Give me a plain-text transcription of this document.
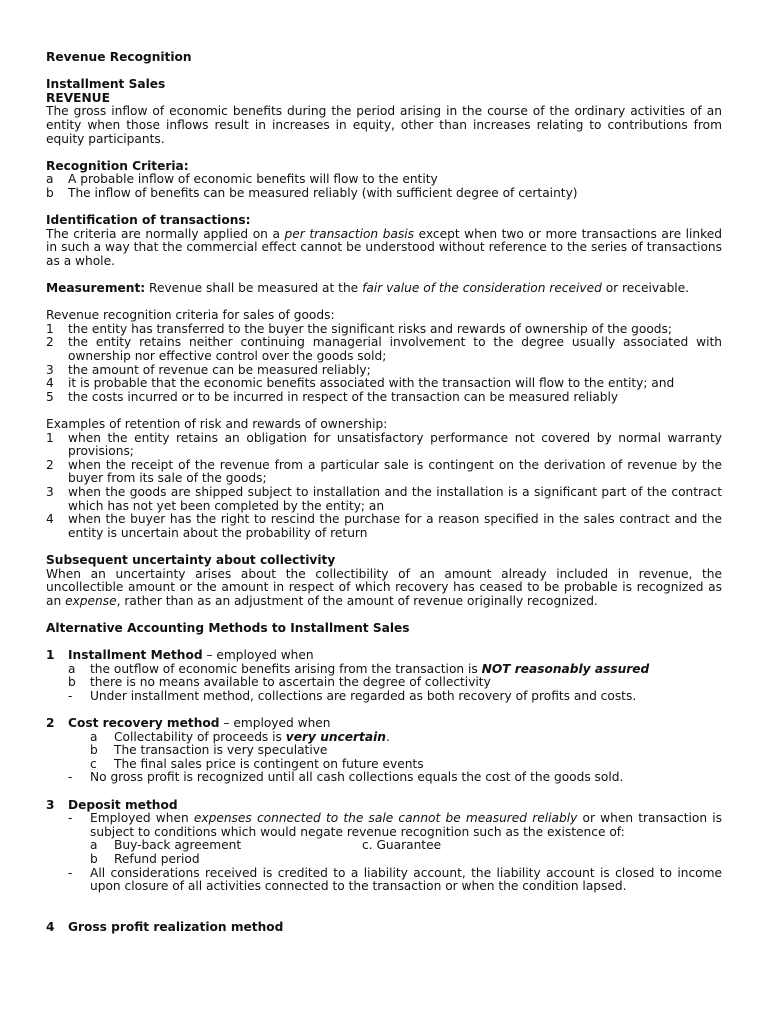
Revenue Recognition
Installment Sales
REVENUE
The gross inflow of economic benefits during the period arising in the course of the ordinary activities of an entity when those inflows result in increases in equity, other than increases relating to contributions from equity participants.
Recognition Criteria:
a	A probable inflow of economic benefits will flow to the entity
b	The inflow of benefits can be measured reliably (with sufficient degree of certainty)
Identification of transactions:
The criteria are normally applied on a per transaction basis except when two or more transactions are linked in such a way that the commercial effect cannot be understood without reference to the series of transactions as a whole.
Measurement: Revenue shall be measured at the fair value of the consideration received or receivable.
Revenue recognition criteria for sales of goods:
1	the entity has transferred to the buyer the significant risks and rewards of ownership of the goods;
2	the entity retains neither continuing managerial involvement to the degree usually associated with ownership nor effective control over the goods sold;
3	the amount of revenue can be measured reliably;
4	it is probable that the economic benefits associated with the transaction will flow to the entity; and
5	the costs incurred or to be incurred in respect of the transaction can be measured reliably
Examples of retention of risk and rewards of ownership:
1	when the entity retains an obligation for unsatisfactory performance not covered by normal warranty provisions;
2	when the receipt of the revenue from a particular sale is contingent on the derivation of revenue by the buyer from its sale of the goods;
3	when the goods are shipped subject to installation and the installation is a significant part of the contract which has not yet been completed by the entity; an
4	when the buyer has the right to rescind the purchase for a reason specified in the sales contract and the entity is uncertain about the probability of return
Subsequent uncertainty about collectivity
When an uncertainty arises about the collectibility of an amount already included in revenue, the uncollectible amount or the amount in respect of which recovery has ceased to be probable is recognized as an expense, rather than as an adjustment of the amount of revenue originally recognized.
Alternative Accounting Methods to Installment Sales
1	Installment Method – employed when
a	the outflow of economic benefits arising from the transaction is NOT reasonably assured
b	there is no means available to ascertain the degree of collectivity
-	Under installment method, collections are regarded as both recovery of profits and costs.
2	Cost recovery method – employed when
a	Collectability of proceeds is very uncertain.
b	The transaction is very speculative
c	The final sales price is contingent on future events
-	No gross profit is recognized until all cash collections equals the cost of the goods sold.
3	Deposit method
-	Employed when expenses connected to the sale cannot be measured reliably or when transaction is subject to conditions which would negate revenue recognition such as the existence of:
a	Buy-back agreement	c. Guarantee
b	Refund period
-	All considerations received is credited to a liability account, the liability account is closed to income upon closure of all activities connected to the transaction or when the condition lapsed.
4	Gross profit realization method
